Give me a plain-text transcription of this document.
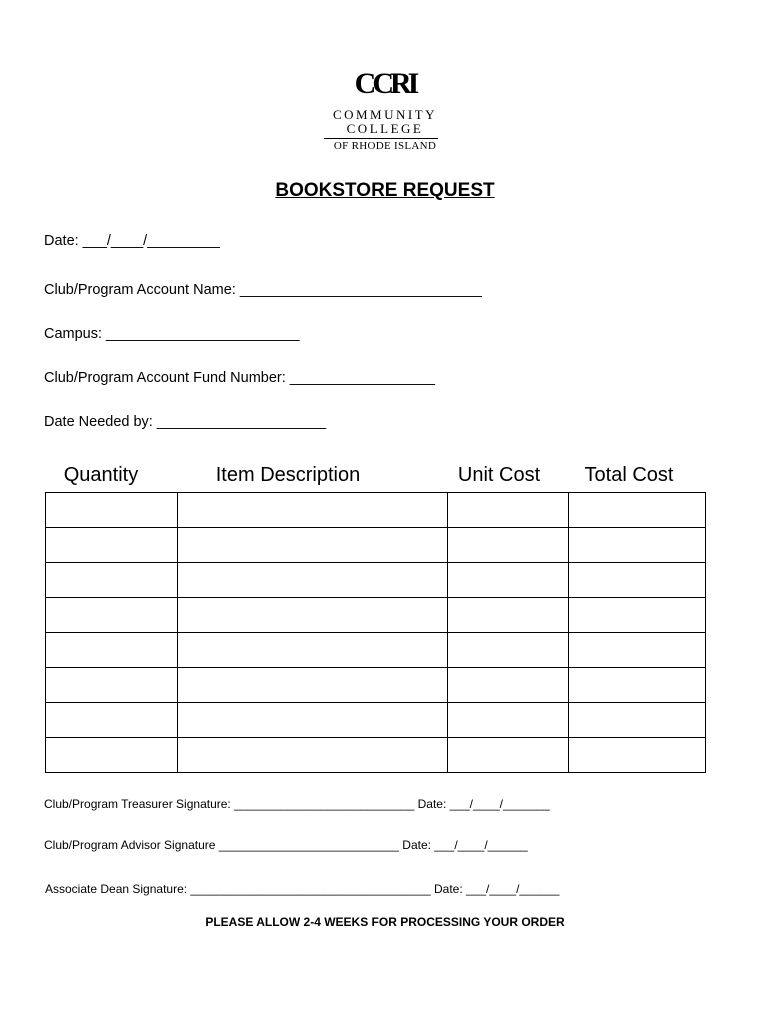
CCRI
COMMUNITY
COLLEGE
OF RHODE ISLAND
BOOKSTORE REQUEST
Date: ___/____/_________
Club/Program Account Name: ______________________________
Campus: ________________________
Club/Program Account Fund Number: __________________
Date Needed by: _____________________
Quantity	Item Description	Unit Cost	Total Cost

Club/Program Treasurer Signature: ___________________________ Date: ___/____/_______
Club/Program Advisor Signature ___________________________ Date: ___/____/______
Associate Dean Signature: ____________________________________ Date: ___/____/______
PLEASE ALLOW 2-4 WEEKS FOR PROCESSING YOUR ORDER
